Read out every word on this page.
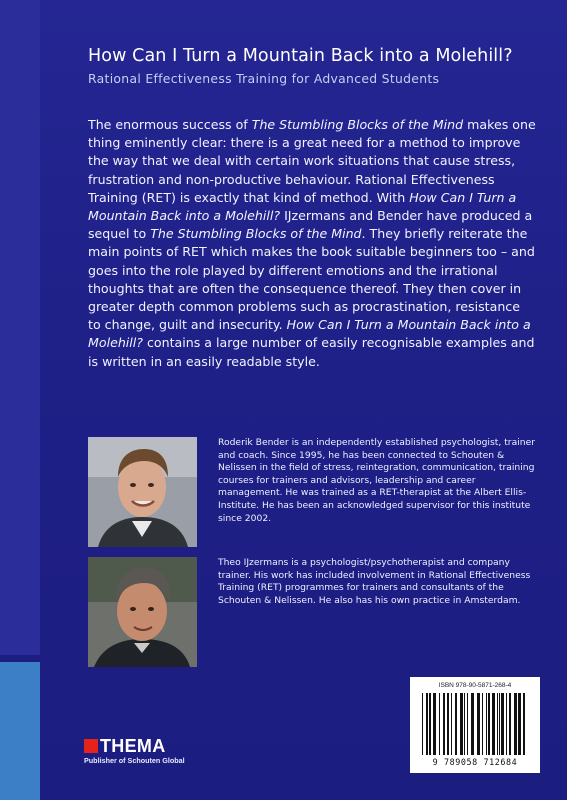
How Can I Turn a Mountain Back into a Molehill?
Rational Effectiveness Training for Advanced Students
The enormous success of The Stumbling Blocks of the Mind makes one thing eminently clear: there is a great need for a method to improve the way that we deal with certain work situations that cause stress, frustration and non-productive behaviour. Rational Effectiveness Training (RET) is exactly that kind of method. With How Can I Turn a Mountain Back into a Molehill? IJzermans and Bender have produced a sequel to The Stumbling Blocks of the Mind. They briefly reiterate the main points of RET which makes the book suitable beginners too – and goes into the role played by different emotions and the irrational thoughts that are often the consequence thereof. They then cover in greater depth common problems such as procrastination, resistance to change, guilt and insecurity. How Can I Turn a Mountain Back into a Molehill? contains a large number of easily recognisable examples and is written in an easily readable style.
Roderik Bender is an independently established psychologist, trainer and coach. Since 1995, he has been connected to Schouten & Nelissen in the field of stress, reintegration, communication, training courses for trainers and advisors, leadership and career management. He was trained as a RET-therapist at the Albert Ellis-Institute. He has been an acknowledged supervisor for this institute since 2002.
Theo IJzermans is a psychologist/psychotherapist and company trainer. His work has included involvement in Rational Effectiveness Training (RET) programmes for trainers and consultants of the Schouten & Nelissen. He also has his own practice in Amsterdam.
ISBN 978-90-5871-268-4
9 789058 712684
THEMA
Publisher of Schouten Global
